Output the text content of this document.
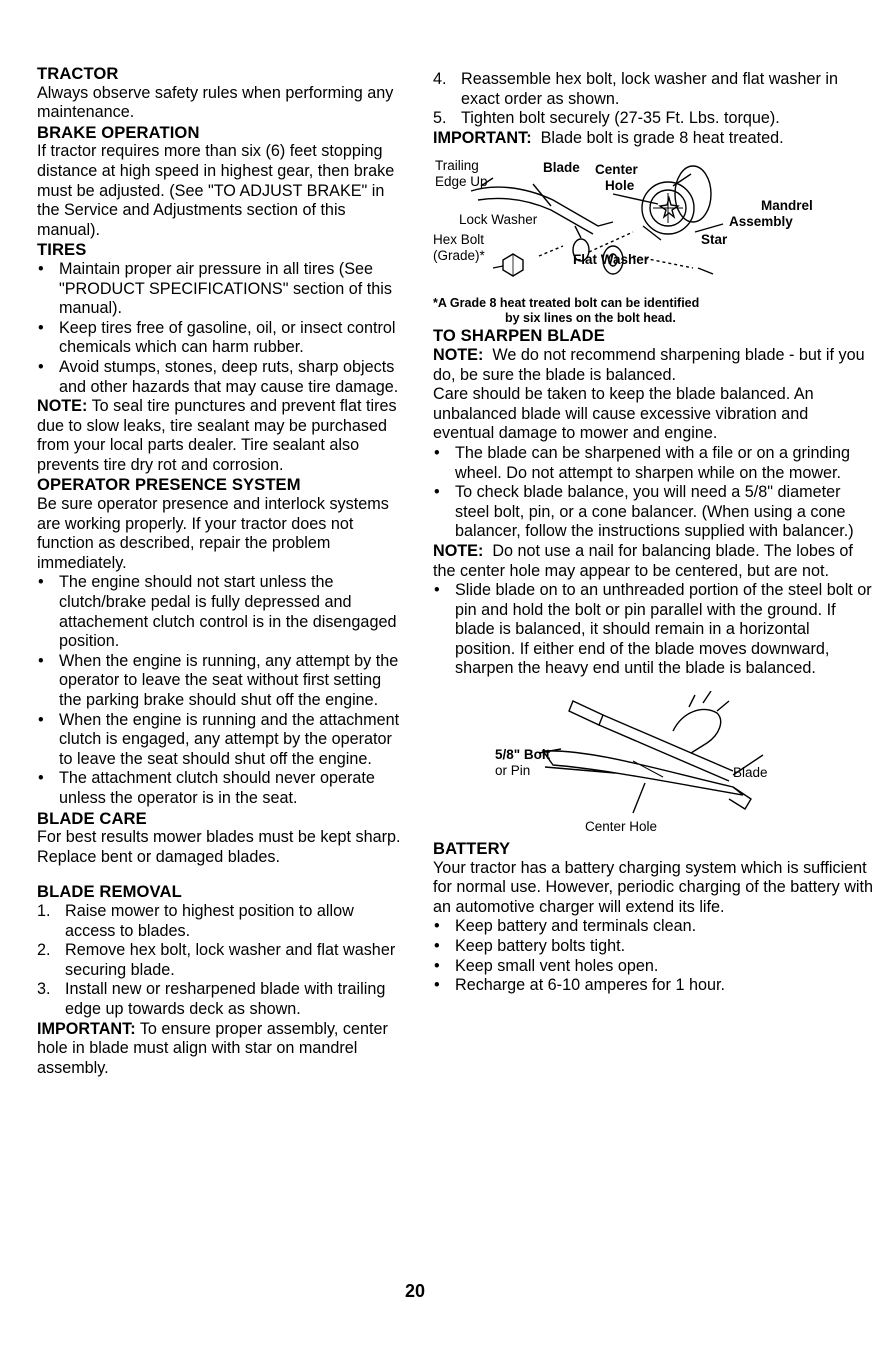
TRACTOR

Always observe safety rules when performing any maintenance.

BRAKE OPERATION

If tractor requires more than six (6) feet stopping distance at high speed in highest gear, then brake must be adjusted. (See "TO ADJUST BRAKE" in the Service and Adjustments section of this manual).

TIRES
• Maintain proper air pressure in all tires (See "PRODUCT SPECIFICATIONS" section of this manual).
• Keep tires free of gasoline, oil, or insect control chemicals which can harm rubber.
• Avoid stumps, stones, deep ruts, sharp objects and other hazards that may cause tire damage.

NOTE: To seal tire punctures and prevent flat tires due to slow leaks, tire sealant may be purchased from your local parts dealer. Tire sealant also prevents tire dry rot and corrosion.

OPERATOR PRESENCE SYSTEM

Be sure operator presence and interlock systems are working properly. If your tractor does not function as described, repair the problem immediately.

• The engine should not start unless the clutch/brake pedal is fully depressed and attachement clutch control is in the disengaged position.
• When the engine is running, any attempt by the operator to leave the seat without first setting the parking brake should shut off the engine.
• When the engine is running and the attachment clutch is engaged, any attempt by the operator to leave the seat should shut off the engine.
• The attachment clutch should never operate unless the operator is in the seat.
BLADE CARE

For best results mower blades must be kept sharp. Replace bent or damaged blades.

BLADE REMOVAL
1. Raise mower to highest position to allow access to blades.
2. Remove hex bolt, lock washer and flat washer securing blade.
3. Install new or resharpened blade with trailing edge up towards deck as shown.

IMPORTANT: To ensure proper assembly, center hole in blade must align with star on mandrel assembly.

4. Reassemble hex bolt, lock washer and flat washer in exact order as shown.
5. Tighten bolt securely (27-35 Ft. Lbs. torque).

IMPORTANT: Blade bolt is grade 8 heat treated.

Trailing
Edge Up
Blade Center
Hole
Mandrel
Assembly
Lock Washer
Hex Bolt
(Grade)*
Star
Flat Washer
*A Grade 8 heat treated bolt can be identified
by six lines on the bolt head.
TO SHARPEN BLADE

NOTE: We do not recommend sharpening blade - but if you do, be sure the blade is balanced.

Care should be taken to keep the blade balanced. An unbalanced blade will cause excessive vibration and eventual damage to mower and engine.

• The blade can be sharpened with a file or on a grinding wheel. Do not attempt to sharpen while on the mower.
• To check blade balance, you will need a 5/8" diameter steel bolt, pin, or a cone balancer. (When using a cone balancer, follow the instructions supplied with balancer.)

NOTE: Do not use a nail for balancing blade. The lobes of the center hole may appear to be centered, but are not.

• Slide blade on to an unthreaded portion of the steel bolt or pin and hold the bolt or pin parallel with the ground. If blade is balanced, it should remain in a horizontal position. If either end of the blade moves downward, sharpen the heavy end until the blade is balanced.
5/8" Bolt
or Pin	Blade
Center Hole
BATTERY

Your tractor has a battery charging system which is sufficient for normal use. However, periodic charging of the battery with an automotive charger will extend its life.

• Keep battery and terminals clean.
• Keep battery bolts tight.
• Keep small vent holes open.
• Recharge at 6-10 amperes for 1 hour.
20
